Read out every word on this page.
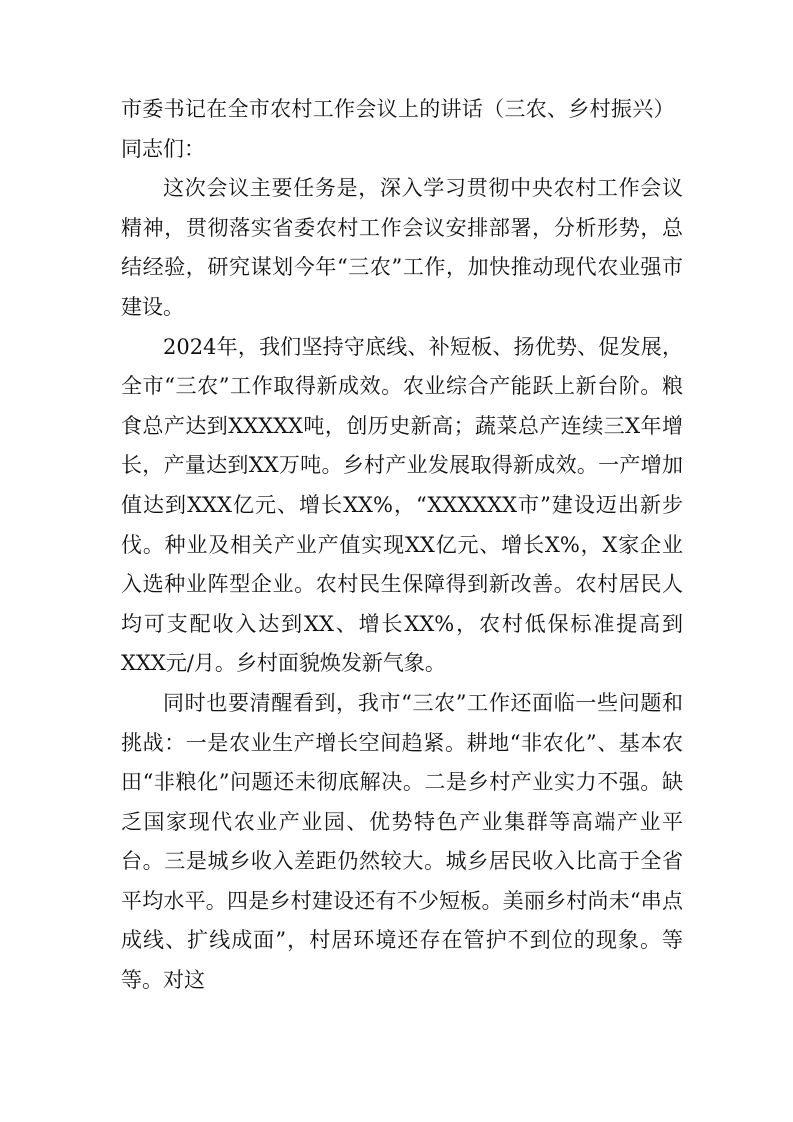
市委书记在全市农村工作会议上的讲话（三农、乡村振兴）

同志们：

这次会议主要任务是，深入学习贯彻中央农村工作会议精神，贯彻落实省委农村工作会议安排部署，分析形势，总结经验，研究谋划今年“三农”工作，加快推动现代农业强市建设。

2024年，我们坚持守底线、补短板、扬优势、促发展，全市“三农”工作取得新成效。农业综合产能跃上新台阶。粮食总产达到XXXXX吨，创历史新高；蔬菜总产连续三X年增长，产量达到XX万吨。乡村产业发展取得新成效。一产增加值达到XXX亿元、增长XX%，“XXXXXX市”建设迈出新步伐。种业及相关产业产值实现XX亿元、增长X%，X家企业入选种业阵型企业。农村民生保障得到新改善。农村居民人均可支配收入达到XX、增长XX%，农村低保标准提高到XXX元/月。乡村面貌焕发新气象。

同时也要清醒看到，我市“三农”工作还面临一些问题和挑战：一是农业生产增长空间趋紧。耕地“非农化”、基本农田“非粮化”问题还未彻底解决。二是乡村产业实力不强。缺乏国家现代农业产业园、优势特色产业集群等高端产业平台。三是城乡收入差距仍然较大。城乡居民收入比高于全省平均水平。四是乡村建设还有不少短板。美丽乡村尚未“串点成线、扩线成面”，村居环境还存在管护不到位的现象。等等。对这
